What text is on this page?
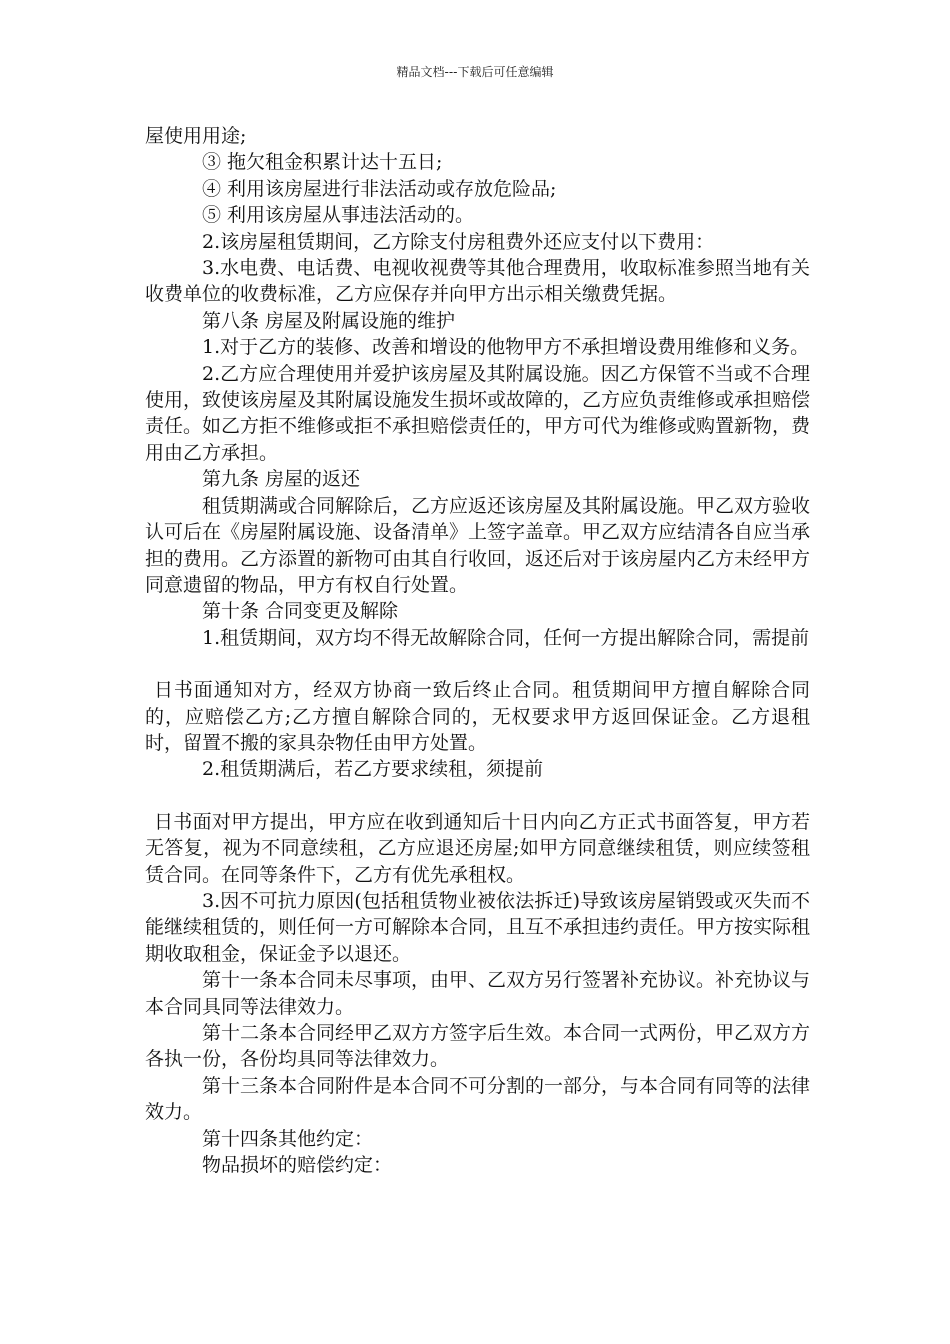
精品文档---下载后可任意编辑

屋使用用途;

③ 拖欠租金积累计达十五日;

④ 利用该房屋进行非法活动或存放危险品;

⑤ 利用该房屋从事违法活动的。

2.该房屋租赁期间，乙方除支付房租费外还应支付以下费用：

3.水电费、电话费、电视收视费等其他合理费用，收取标准参照当地有关收费单位的收费标准，乙方应保存并向甲方出示相关缴费凭据。

第八条 房屋及附属设施的维护

1.对于乙方的装修、改善和增设的他物甲方不承担增设费用维修和义务。

2.乙方应合理使用并爱护该房屋及其附属设施。因乙方保管不当或不合理使用，致使该房屋及其附属设施发生损坏或故障的，乙方应负责维修或承担赔偿责任。如乙方拒不维修或拒不承担赔偿责任的，甲方可代为维修或购置新物，费用由乙方承担。

第九条 房屋的返还

租赁期满或合同解除后，乙方应返还该房屋及其附属设施。甲乙双方验收认可后在《房屋附属设施、设备清单》上签字盖章。甲乙双方应结清各自应当承担的费用。乙方添置的新物可由其自行收回，返还后对于该房屋内乙方未经甲方同意遗留的物品，甲方有权自行处置。

第十条 合同变更及解除

1.租赁期间，双方均不得无故解除合同，任何一方提出解除合同，需提前

日书面通知对方，经双方协商一致后终止合同。租赁期间甲方擅自解除合同的，应赔偿乙方;乙方擅自解除合同的，无权要求甲方返回保证金。乙方退租时，留置不搬的家具杂物任由甲方处置。

2.租赁期满后，若乙方要求续租，须提前

日书面对甲方提出，甲方应在收到通知后十日内向乙方正式书面答复，甲方若无答复，视为不同意续租，乙方应退还房屋;如甲方同意继续租赁，则应续签租赁合同。在同等条件下，乙方有优先承租权。

3.因不可抗力原因(包括租赁物业被依法拆迁)导致该房屋销毁或灭失而不能继续租赁的，则任何一方可解除本合同，且互不承担违约责任。甲方按实际租期收取租金，保证金予以退还。

第十一条本合同未尽事项，由甲、乙双方另行签署补充协议。补充协议与本合同具同等法律效力。

第十二条本合同经甲乙双方方签字后生效。本合同一式两份，甲乙双方方各执一份，各份均具同等法律效力。

第十三条本合同附件是本合同不可分割的一部分，与本合同有同等的法律效力。

第十四条其他约定：

物品损坏的赔偿约定：
